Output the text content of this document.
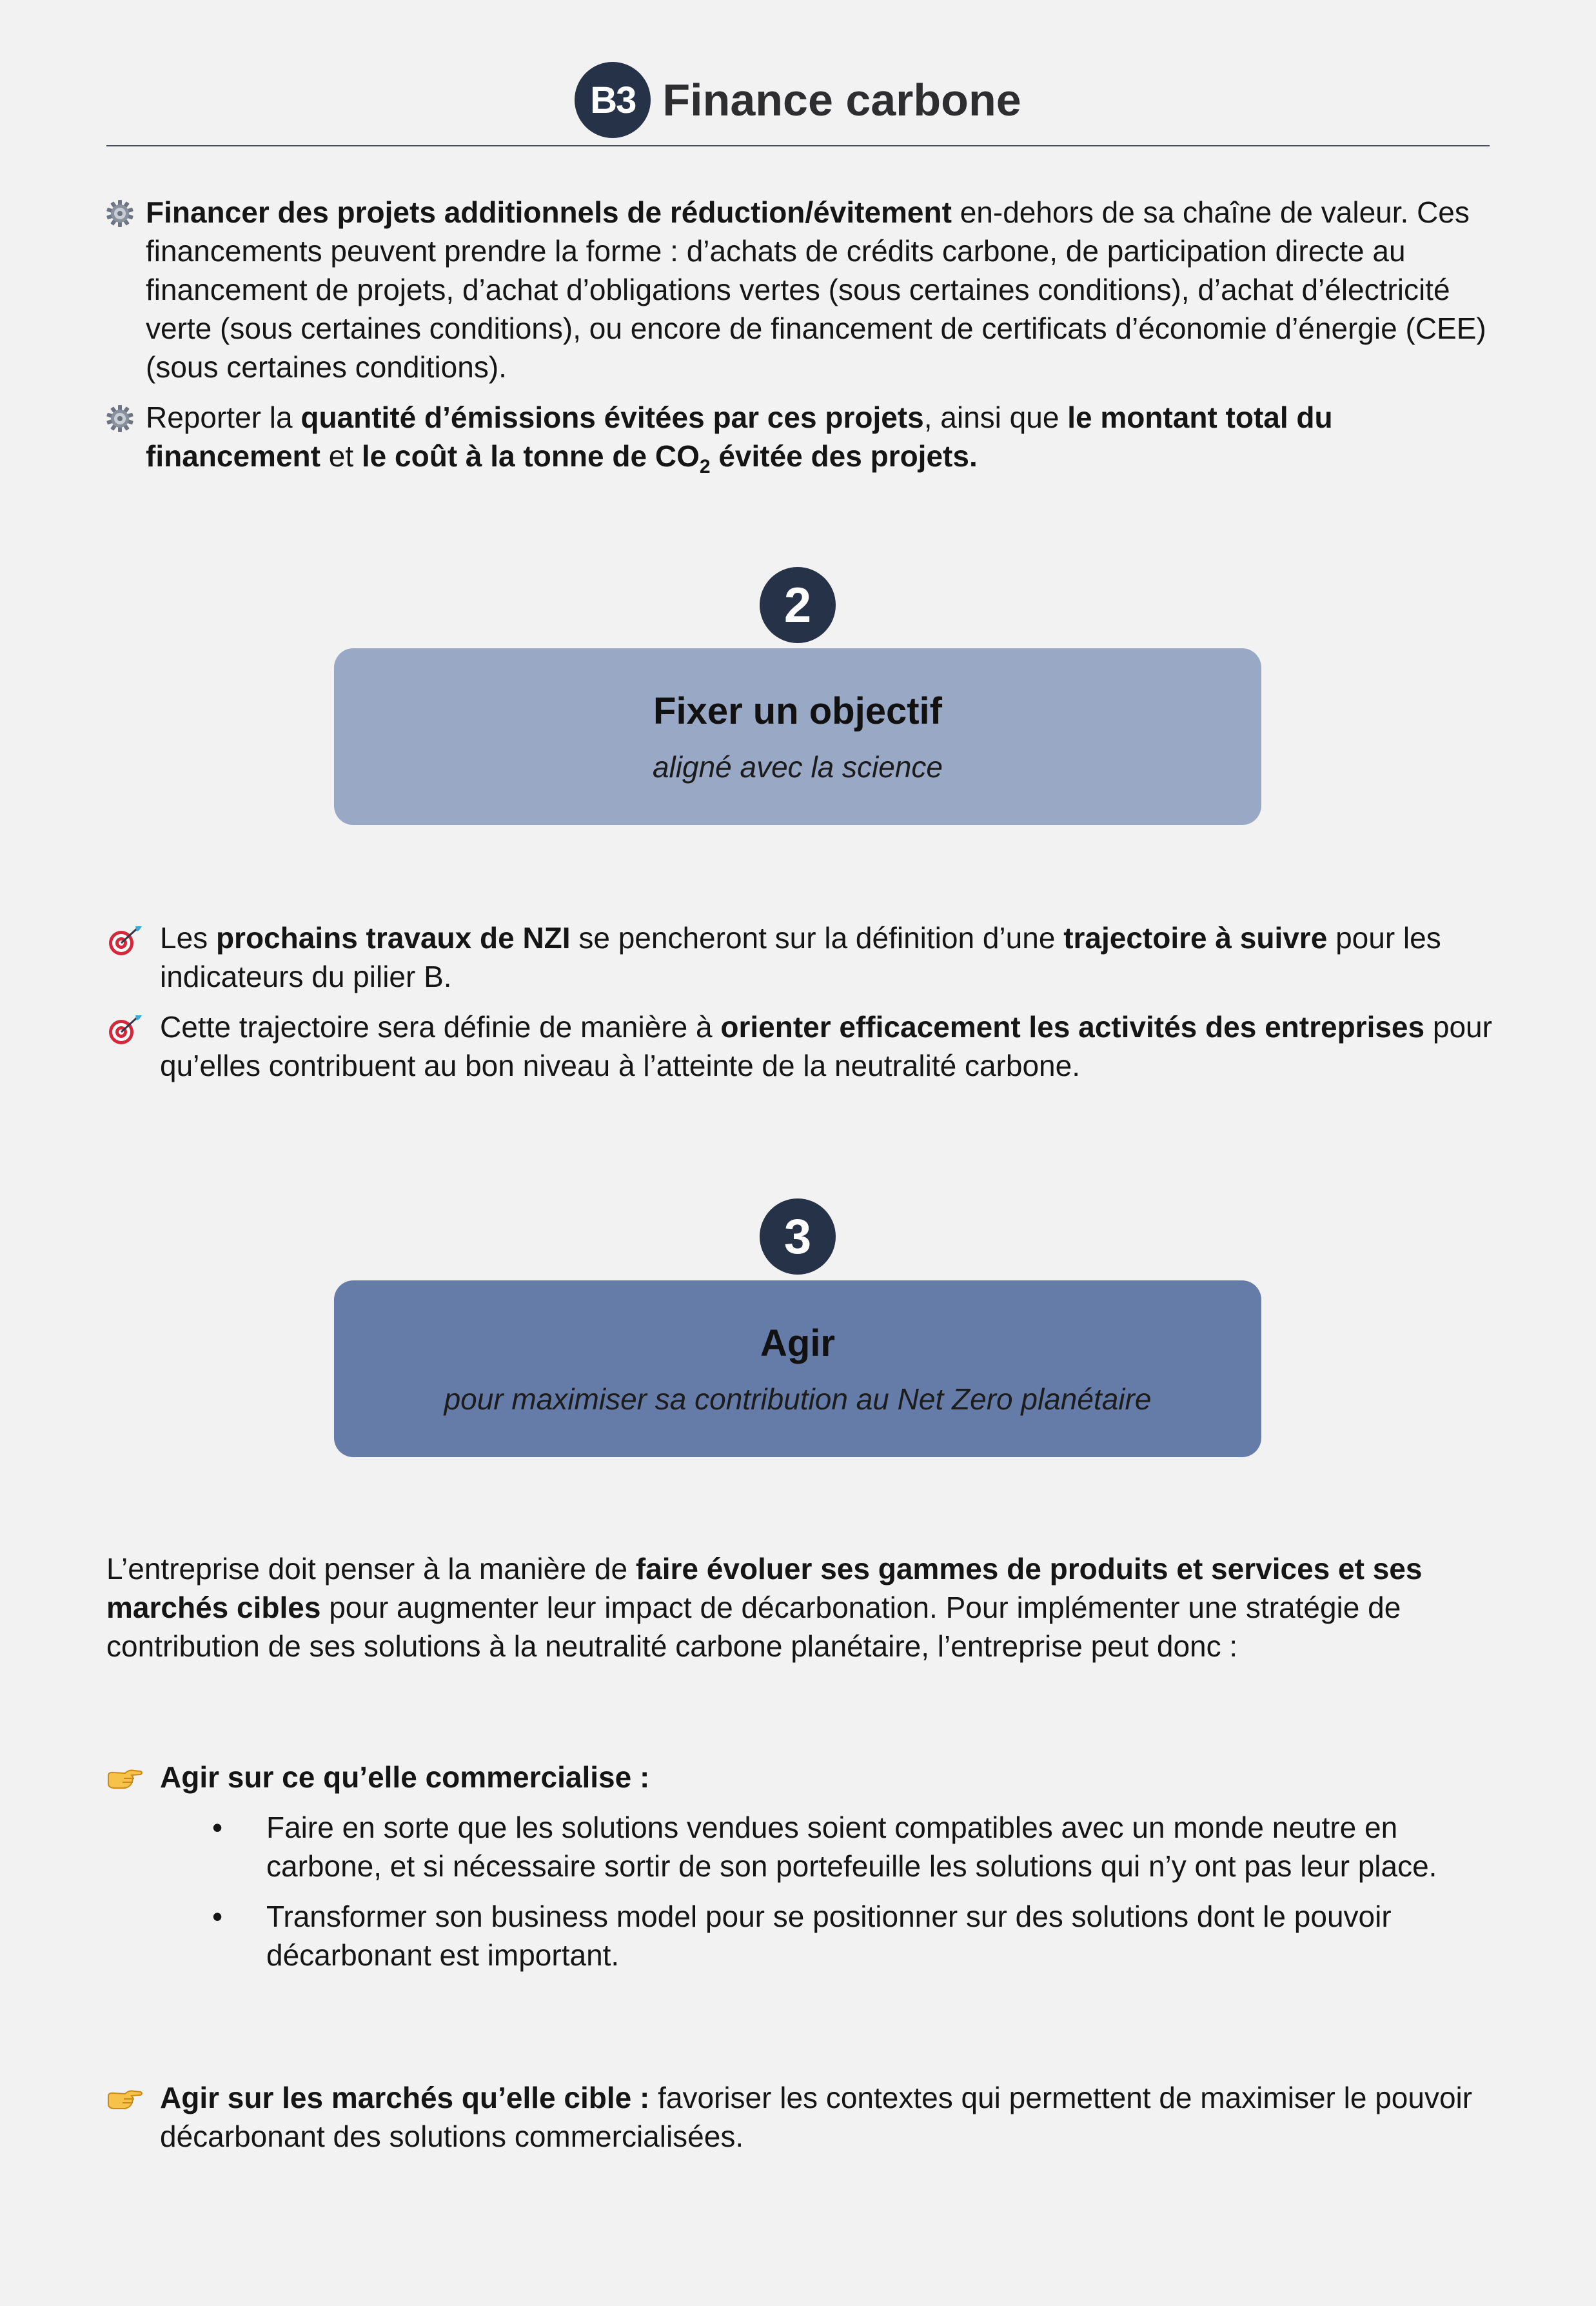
B3 Finance carbone
Financer des projets additionnels de réduction/évitement en-dehors de sa chaîne de valeur. Ces financements peuvent prendre la forme : d’achats de crédits carbone, de participation directe au financement de projets, d’achat d’obligations vertes (sous certaines conditions), d’achat d’électricité verte (sous certaines conditions), ou encore de financement de certificats d’économie d’énergie (CEE) (sous certaines conditions).
Reporter la quantité d’émissions évitées par ces projets, ainsi que le montant total du financement et le coût à la tonne de $CO_2$ évitée des projets.
2
Fixer un objectif
aligné avec la science
Les prochains travaux de NZI se pencheront sur la définition d’une trajectoire à suivre pour les indicateurs du pilier B.
Cette trajectoire sera définie de manière à orienter efficacement les activités des entreprises pour qu’elles contribuent au bon niveau à l’atteinte de la neutralité carbone.
3
Agir
pour maximiser sa contribution au Net Zero planétaire

L’entreprise doit penser à la manière de faire évoluer ses gammes de produits et services et ses marchés cibles pour augmenter leur impact de décarbonation. Pour implémenter une stratégie de contribution de ses solutions à la neutralité carbone planétaire, l’entreprise peut donc :

Agir sur ce qu’elle commercialise :
• Faire en sorte que les solutions vendues soient compatibles avec un monde neutre en carbone, et si nécessaire sortir de son portefeuille les solutions qui n’y ont pas leur place.
• Transformer son business model pour se positionner sur des solutions dont le pouvoir décarbonant est important.
Agir sur les marchés qu’elle cible : favoriser les contextes qui permettent de maximiser le pouvoir décarbonant des solutions commercialisées.
